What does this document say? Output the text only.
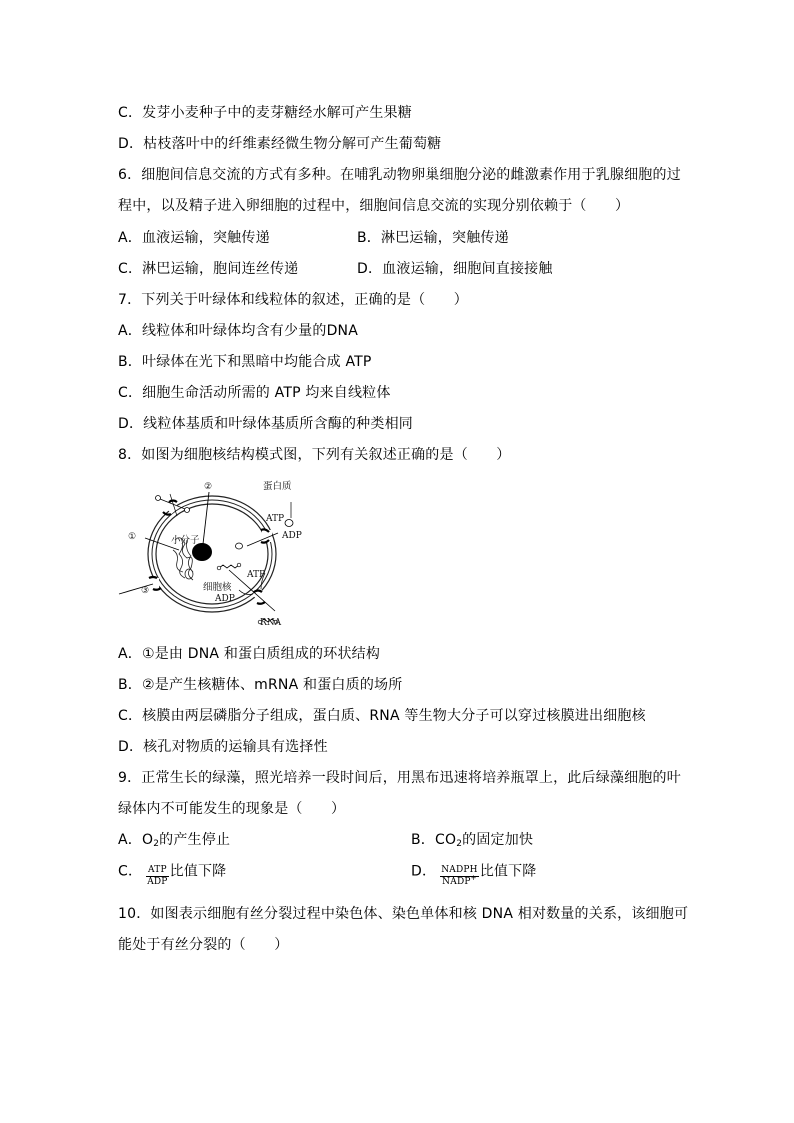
C．发芽小麦种子中的麦芽糖经水解可产生果糖
D．枯枝落叶中的纤维素经微生物分解可产生葡萄糖
6．细胞间信息交流的方式有多种。在哺乳动物卵巢细胞分泌的雌激素作用于乳腺细胞的过
程中，以及精子进入卵细胞的过程中，细胞间信息交流的实现分别依赖于（　　）
A．血液运输，突触传递	B．淋巴运输，突触传递
C．淋巴运输，胞间连丝传递	D．血液运输，细胞间直接接触
7．下列关于叶绿体和线粒体的叙述，正确的是（　　）
A．线粒体和叶绿体均含有少量的DNA
B．叶绿体在光下和黑暗中均能合成 ATP
C．细胞生命活动所需的 ATP 均来自线粒体
D．线粒体基质和叶绿体基质所含酶的种类相同
8．如图为细胞核结构模式图，下列有关叙述正确的是（　　）
②	蛋白质
ATP
ADP
①	小分子
ATP
细胞核
ADP
③
RNA
A．①是由 DNA 和蛋白质组成的环状结构
B．②是产生核糖体、mRNA 和蛋白质的场所
C．核膜由两层磷脂分子组成，蛋白质、RNA 等生物大分子可以穿过核膜进出细胞核
D．核孔对物质的运输具有选择性
9．正常生长的绿藻，照光培养一段时间后，用黑布迅速将培养瓶罩上，此后绿藻细胞的叶
绿体内不可能发生的现象是（　　）
A．$O_2$的产生停止	B．$CO_2$的固定加快
C． $\frac{\text{ATP}}{\text{ADP}}$ 比值下降	D． $\frac{\text{NADPH}}{NADP^+}$ 比值下降
10．如图表示细胞有丝分裂过程中染色体、染色单体和核 DNA 相对数量的关系，该细胞可
能处于有丝分裂的（　　）
